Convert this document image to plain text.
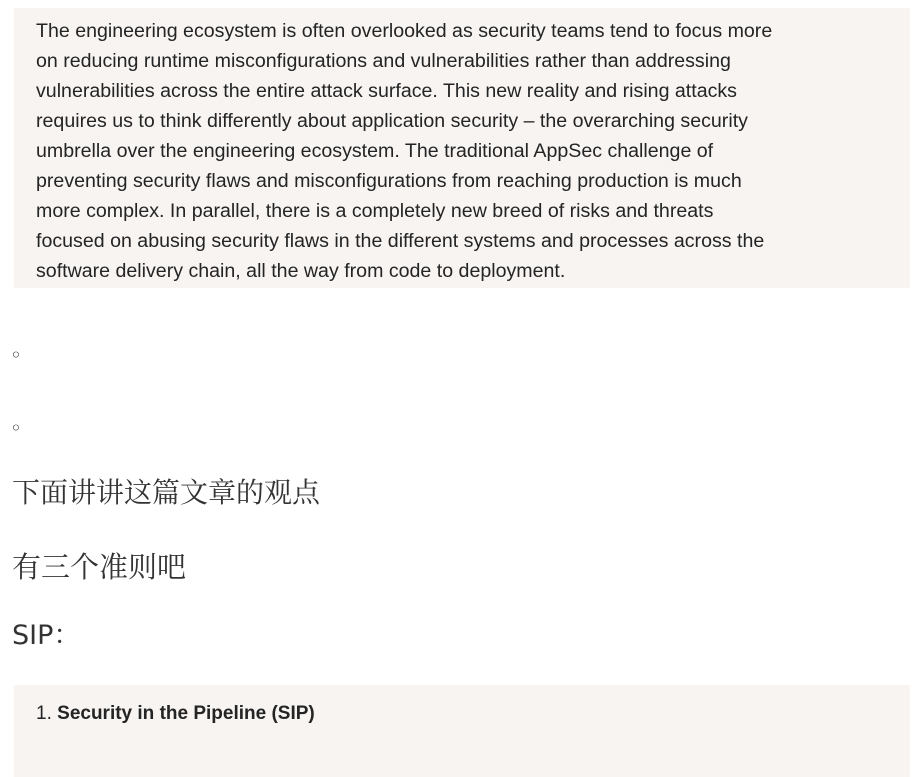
The engineering ecosystem is often overlooked as security teams tend to focus more
on reducing runtime misconfigurations and vulnerabilities rather than addressing
vulnerabilities across the entire attack surface. This new reality and rising attacks
requires us to think differently about application security – the overarching security
umbrella over the engineering ecosystem. The traditional AppSec challenge of
preventing security flaws and misconfigurations from reaching production is much
more complex. In parallel, there is a completely new breed of risks and threats
focused on abusing security flaws in the different systems and processes across the
software delivery chain, all the way from code to deployment.

◦
◦

下面讲讲这篇文章的观点

有三个准则吧

SIP：

1. Security in the Pipeline (SIP)
